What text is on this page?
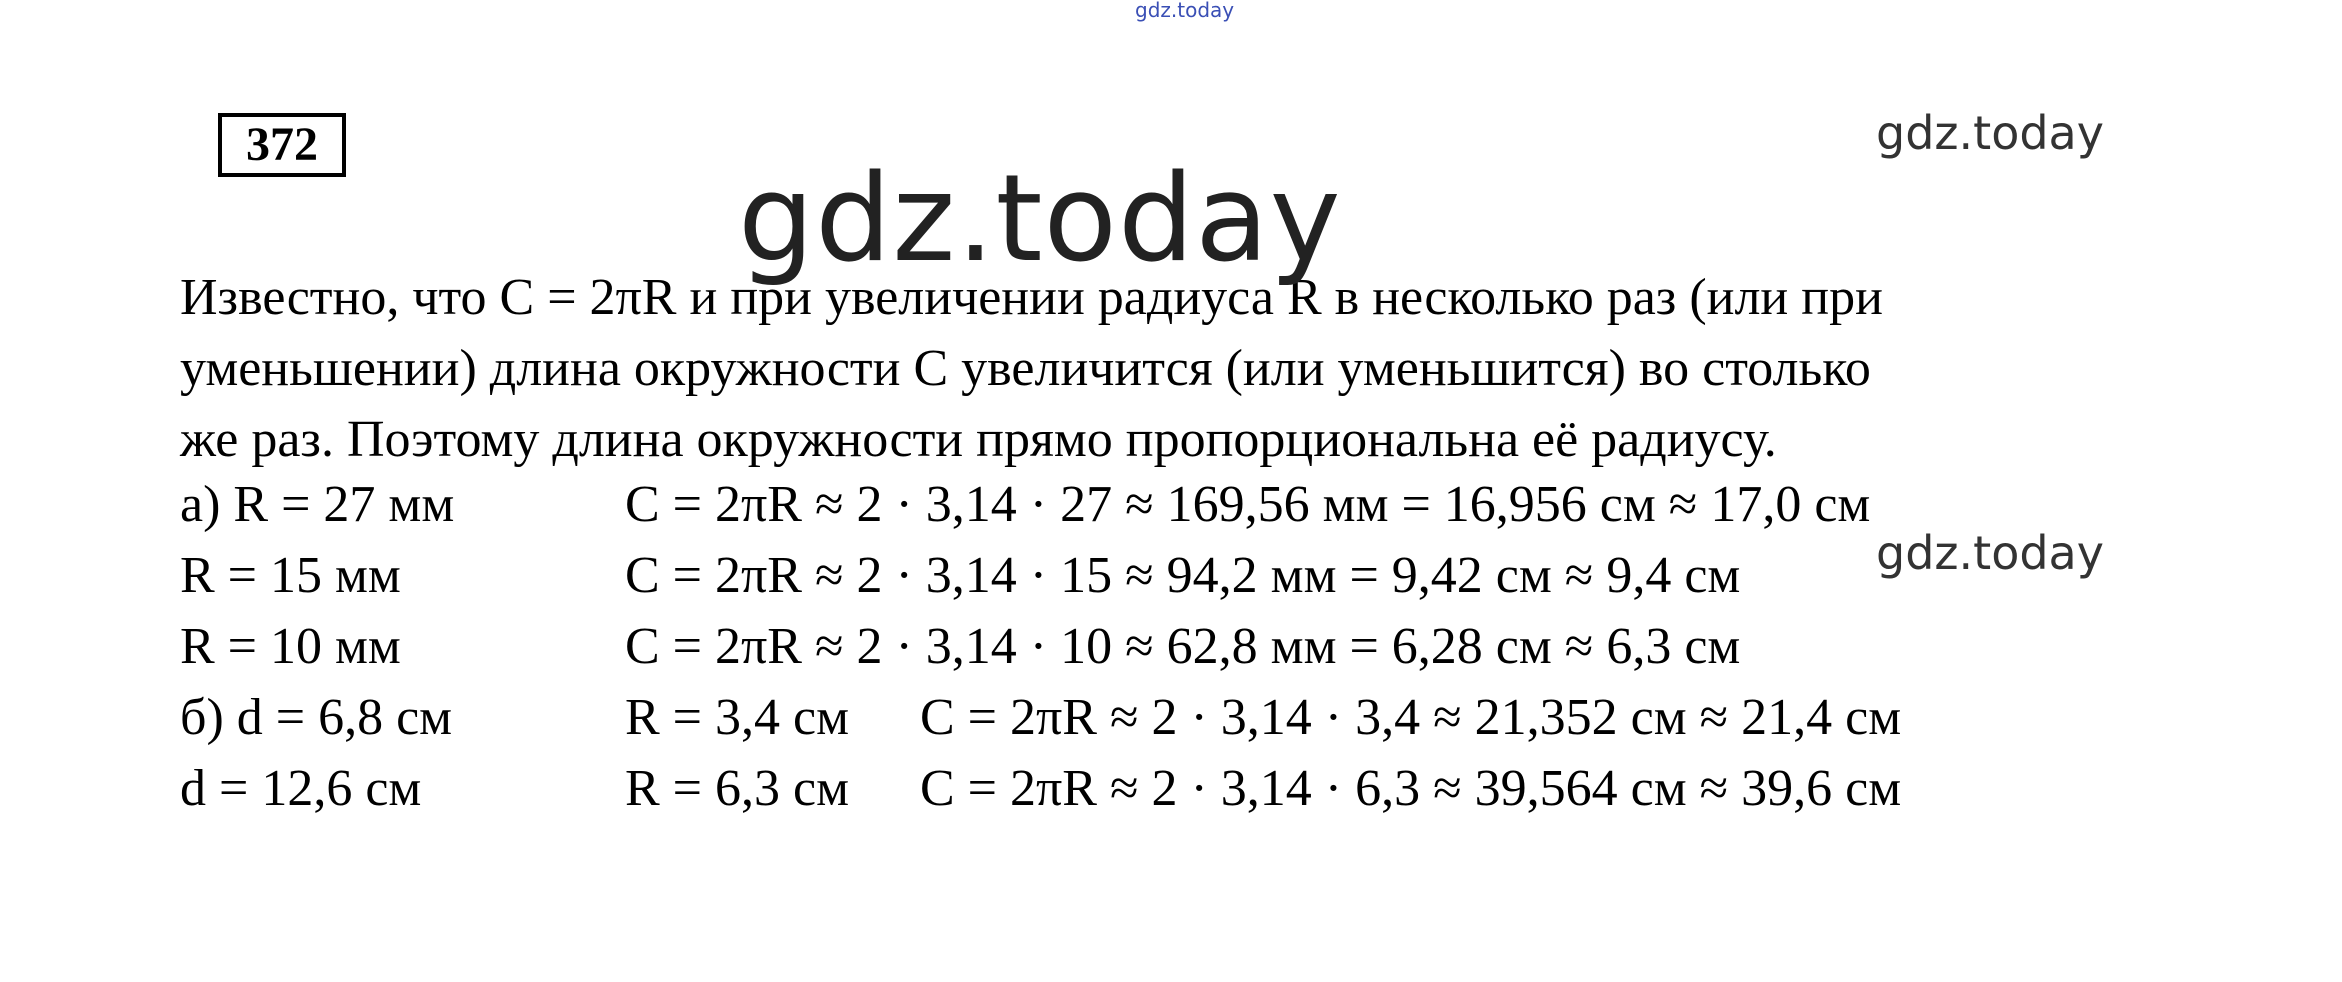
gdz.today
gdz.today
372
Известно, что C = 2πR и при увеличении радиуса R в несколько раз (или при
уменьшении) длина окружности C увеличится (или уменьшится) во столько
же раз. Поэтому длина окружности прямо пропорциональна её радиусу.
а) R = 27 мм	C = 2πR ≈ 2 · 3,14 · 27 ≈ 169,56 мм = 16,956 см ≈ 17,0 см
R = 15 мм	C = 2πR ≈ 2 · 3,14 · 15 ≈ 94,2 мм = 9,42 см ≈ 9,4 см
R = 10 мм	C = 2πR ≈ 2 · 3,14 · 10 ≈ 62,8 мм = 6,28 см ≈ 6,3 см
б) d = 6,8 см	R = 3,4 см C = 2πR ≈ 2 · 3,14 · 3,4 ≈ 21,352 см ≈ 21,4 см
d = 12,6 см	R = 6,3 см C = 2πR ≈ 2 · 3,14 · 6,3 ≈ 39,564 см ≈ 39,6 см
gdz.today
gdz.today
